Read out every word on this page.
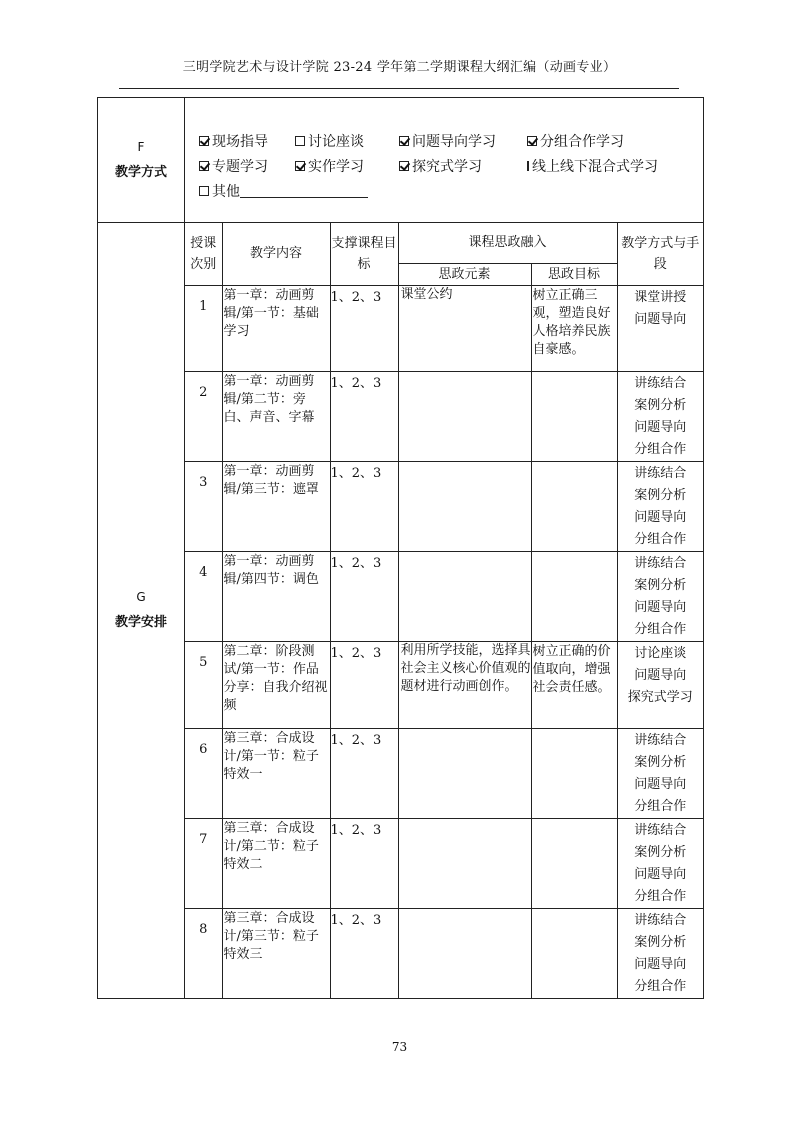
三明学院艺术与设计学院 23-24 学年第二学期课程大纲汇编（动画专业）
F
教学方式

现场指导	讨论座谈	问题导向学习	分组合作学习
专题学习	实作学习	探究式学习	线上线下混合式学习
其他

G
教学安排

授课次别	教学内容	支撑课程目标	课程思政融入	教学方式与手段
思政元素	思政目标
1	第一章：动画剪辑/第一节：基础学习	1、2、3	课堂公约	树立正确三观，塑造良好人格培养民族自豪感。	
课堂讲授
问题导向

2	第一章：动画剪辑/第二节：旁白、声音、字幕	1、2、3			讲练结合
案例分析
问题导向
分组合作

3	第一章：动画剪辑/第三节：遮罩	1、2、3			讲练结合
案例分析
问题导向
分组合作

4	第一章：动画剪辑/第四节：调色	1、2、3			讲练结合
案例分析
问题导向
分组合作

5	第二章：阶段测试/第一节：作品分享：自我介绍视频	1、2、3	利用所学技能，选择具社会主义核心价值观的题材进行动画创作。	树立正确的价值取向，增强社会责任感。	
讨论座谈
问题导向
探究式学习

6	第三章：合成设计/第一节：粒子特效一	1、2、3			讲练结合
案例分析
问题导向
分组合作

7	第三章：合成设计/第二节：粒子特效二	1、2、3			讲练结合
案例分析
问题导向
分组合作

8	第三章：合成设计/第三节：粒子特效三	1、2、3			讲练结合
案例分析
问题导向
分组合作
73
